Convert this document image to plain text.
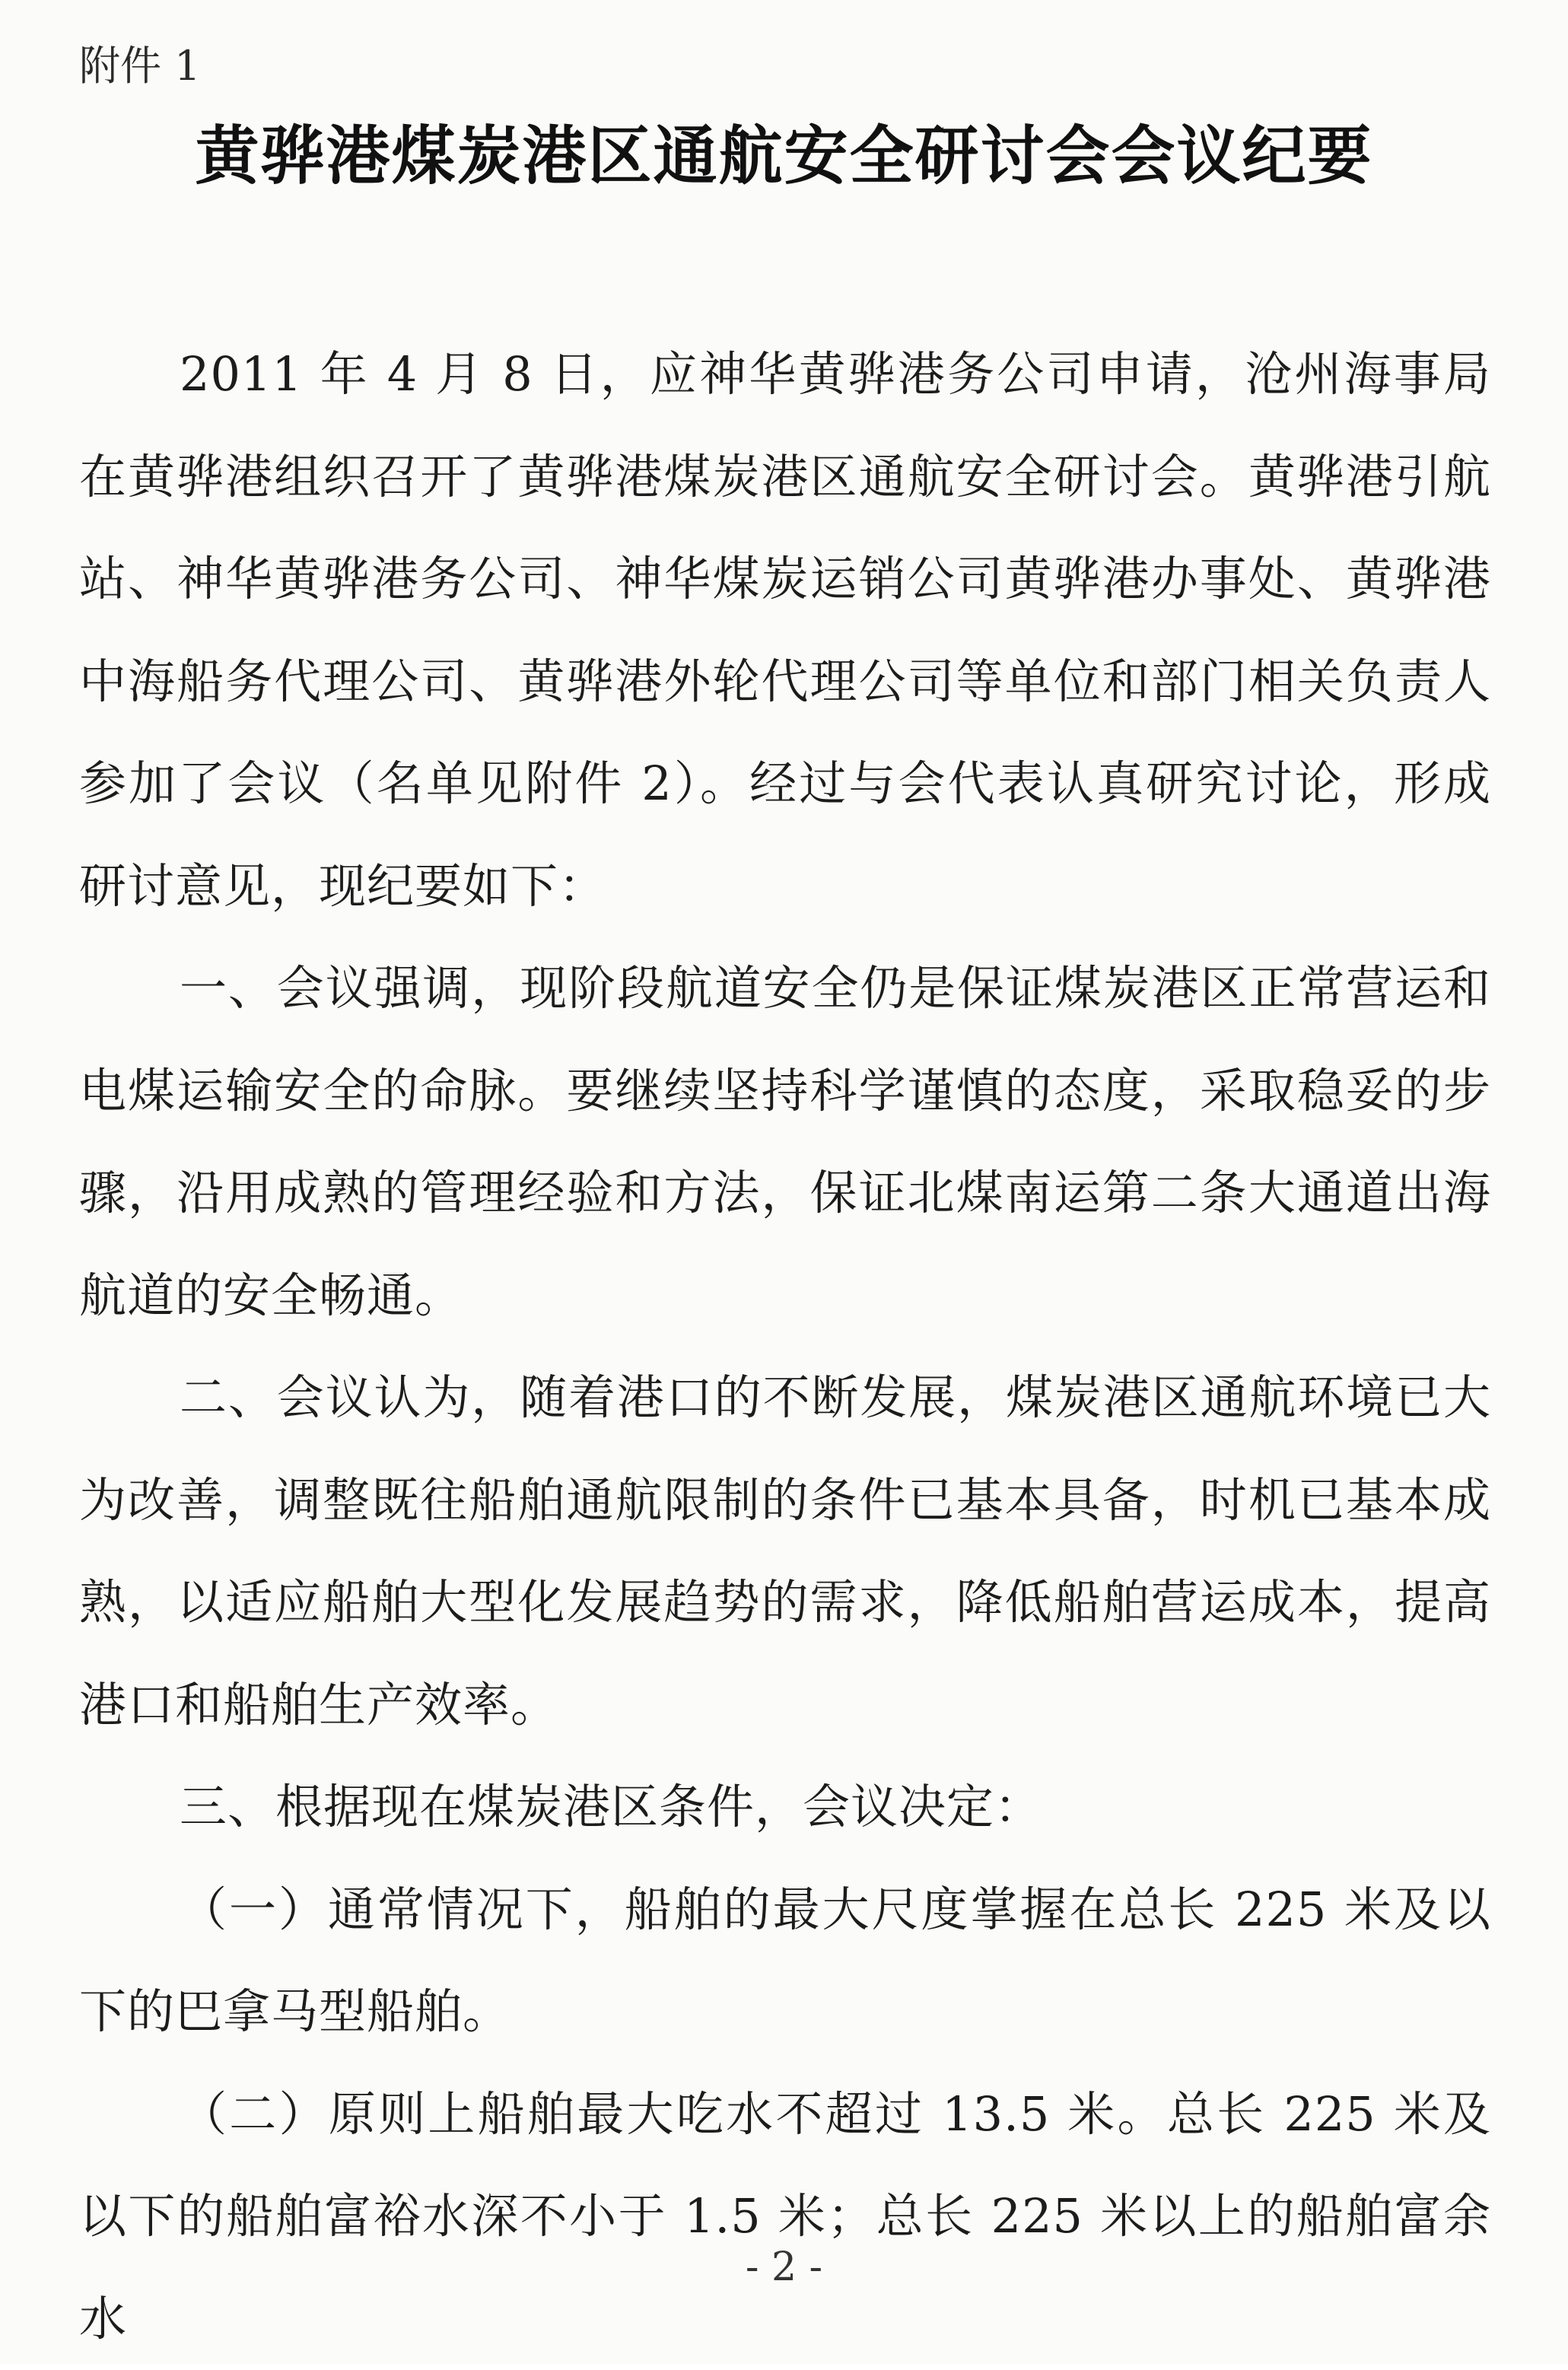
附件 1
黄骅港煤炭港区通航安全研讨会会议纪要

2011 年 4 月 8 日，应神华黄骅港务公司申请，沧州海事局在黄骅港组织召开了黄骅港煤炭港区通航安全研讨会。黄骅港引航站、神华黄骅港务公司、神华煤炭运销公司黄骅港办事处、黄骅港中海船务代理公司、黄骅港外轮代理公司等单位和部门相关负责人参加了会议（名单见附件 2）。经过与会代表认真研究讨论，形成研讨意见，现纪要如下：

一、会议强调，现阶段航道安全仍是保证煤炭港区正常营运和电煤运输安全的命脉。要继续坚持科学谨慎的态度，采取稳妥的步骤，沿用成熟的管理经验和方法，保证北煤南运第二条大通道出海航道的安全畅通。

二、会议认为，随着港口的不断发展，煤炭港区通航环境已大为改善，调整既往船舶通航限制的条件已基本具备，时机已基本成熟，以适应船舶大型化发展趋势的需求，降低船舶营运成本，提高港口和船舶生产效率。

三、根据现在煤炭港区条件，会议决定：

（一）通常情况下，船舶的最大尺度掌握在总长 225 米及以下的巴拿马型船舶。

（二）原则上船舶最大吃水不超过 13.5 米。总长 225 米及以下的船舶富裕水深不小于 1.5 米；总长 225 米以上的船舶富余水

- 2 -
